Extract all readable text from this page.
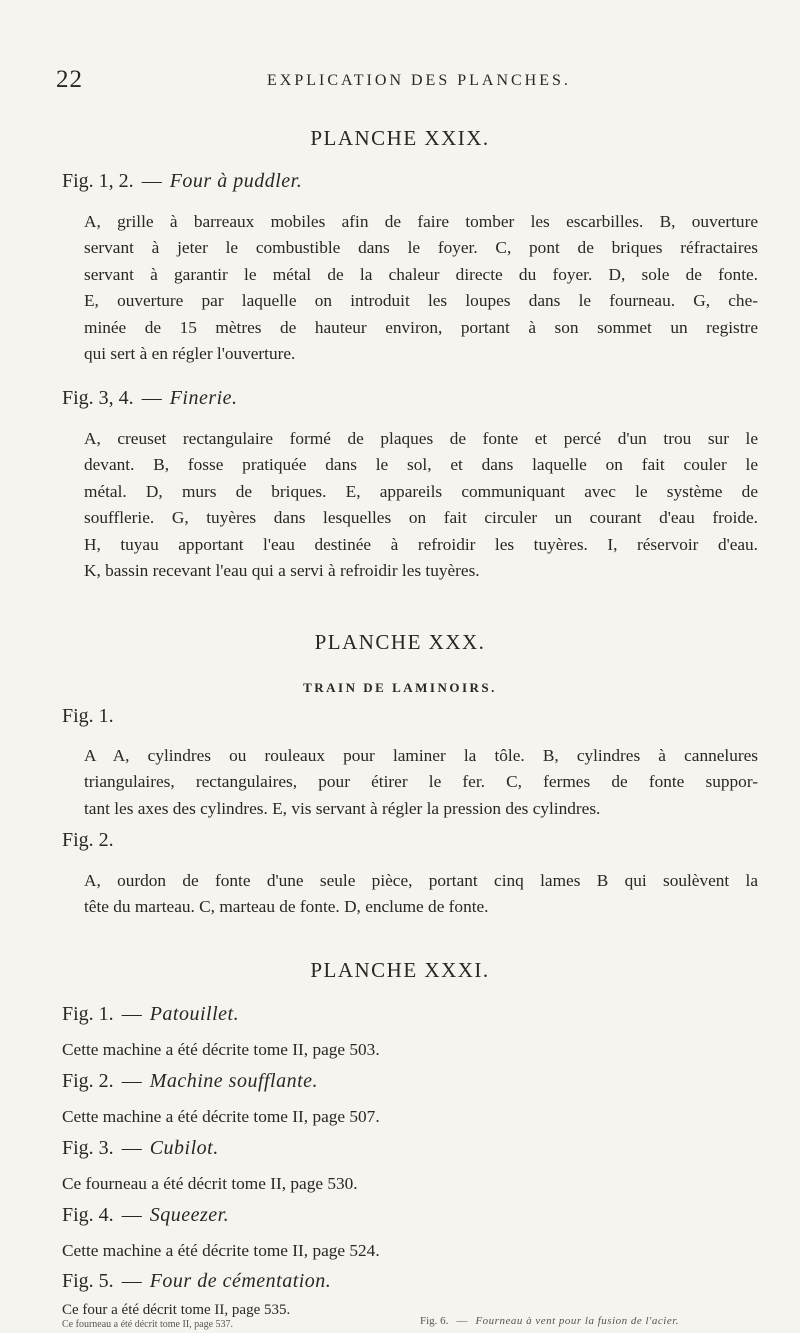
22	EXPLICATION DES PLANCHES.
PLANCHE XXIX.
Fig. 1, 2. — Four à puddler.
A, grille à barreaux mobiles afin de faire tomber les escarbilles. B, ouverture
servant à jeter le combustible dans le foyer. C, pont de briques réfractaires
servant à garantir le métal de la chaleur directe du foyer. D, sole de fonte.
E, ouverture par laquelle on introduit les loupes dans le fourneau. G, che-
minée de 15 mètres de hauteur environ, portant à son sommet un registre
qui sert à en régler l'ouverture.
Fig. 3, 4. — Finerie.
A, creuset rectangulaire formé de plaques de fonte et percé d'un trou sur le
devant. B, fosse pratiquée dans le sol, et dans laquelle on fait couler le
métal. D, murs de briques. E, appareils communiquant avec le système de
soufflerie. G, tuyères dans lesquelles on fait circuler un courant d'eau froide.
H, tuyau apportant l'eau destinée à refroidir les tuyères. I, réservoir d'eau.
K, bassin recevant l'eau qui a servi à refroidir les tuyères.
PLANCHE XXX.
TRAIN DE LAMINOIRS.
Fig. 1.
A A, cylindres ou rouleaux pour laminer la tôle. B, cylindres à cannelures
triangulaires, rectangulaires, pour étirer le fer. C, fermes de fonte suppor-
tant les axes des cylindres. E, vis servant à régler la pression des cylindres.
Fig. 2.
A, ourdon de fonte d'une seule pièce, portant cinq lames B qui soulèvent la
tête du marteau. C, marteau de fonte. D, enclume de fonte.
PLANCHE XXXI.
Fig. 1. — Patouillet.
Cette machine a été décrite tome II, page 503.
Fig. 2. — Machine soufflante.
Cette machine a été décrite tome II, page 507.
Fig. 3. — Cubilot.
Ce fourneau a été décrit tome II, page 530.
Fig. 4. — Squeezer.
Cette machine a été décrite tome II, page 524.
Fig. 5. — Four de cémentation.
Ce four a été décrit tome II, page 535.
Fig. 6. — Fourneau à vent pour la fusion de l'acier.
Ce fourneau a été décrit tome II, page 537.
